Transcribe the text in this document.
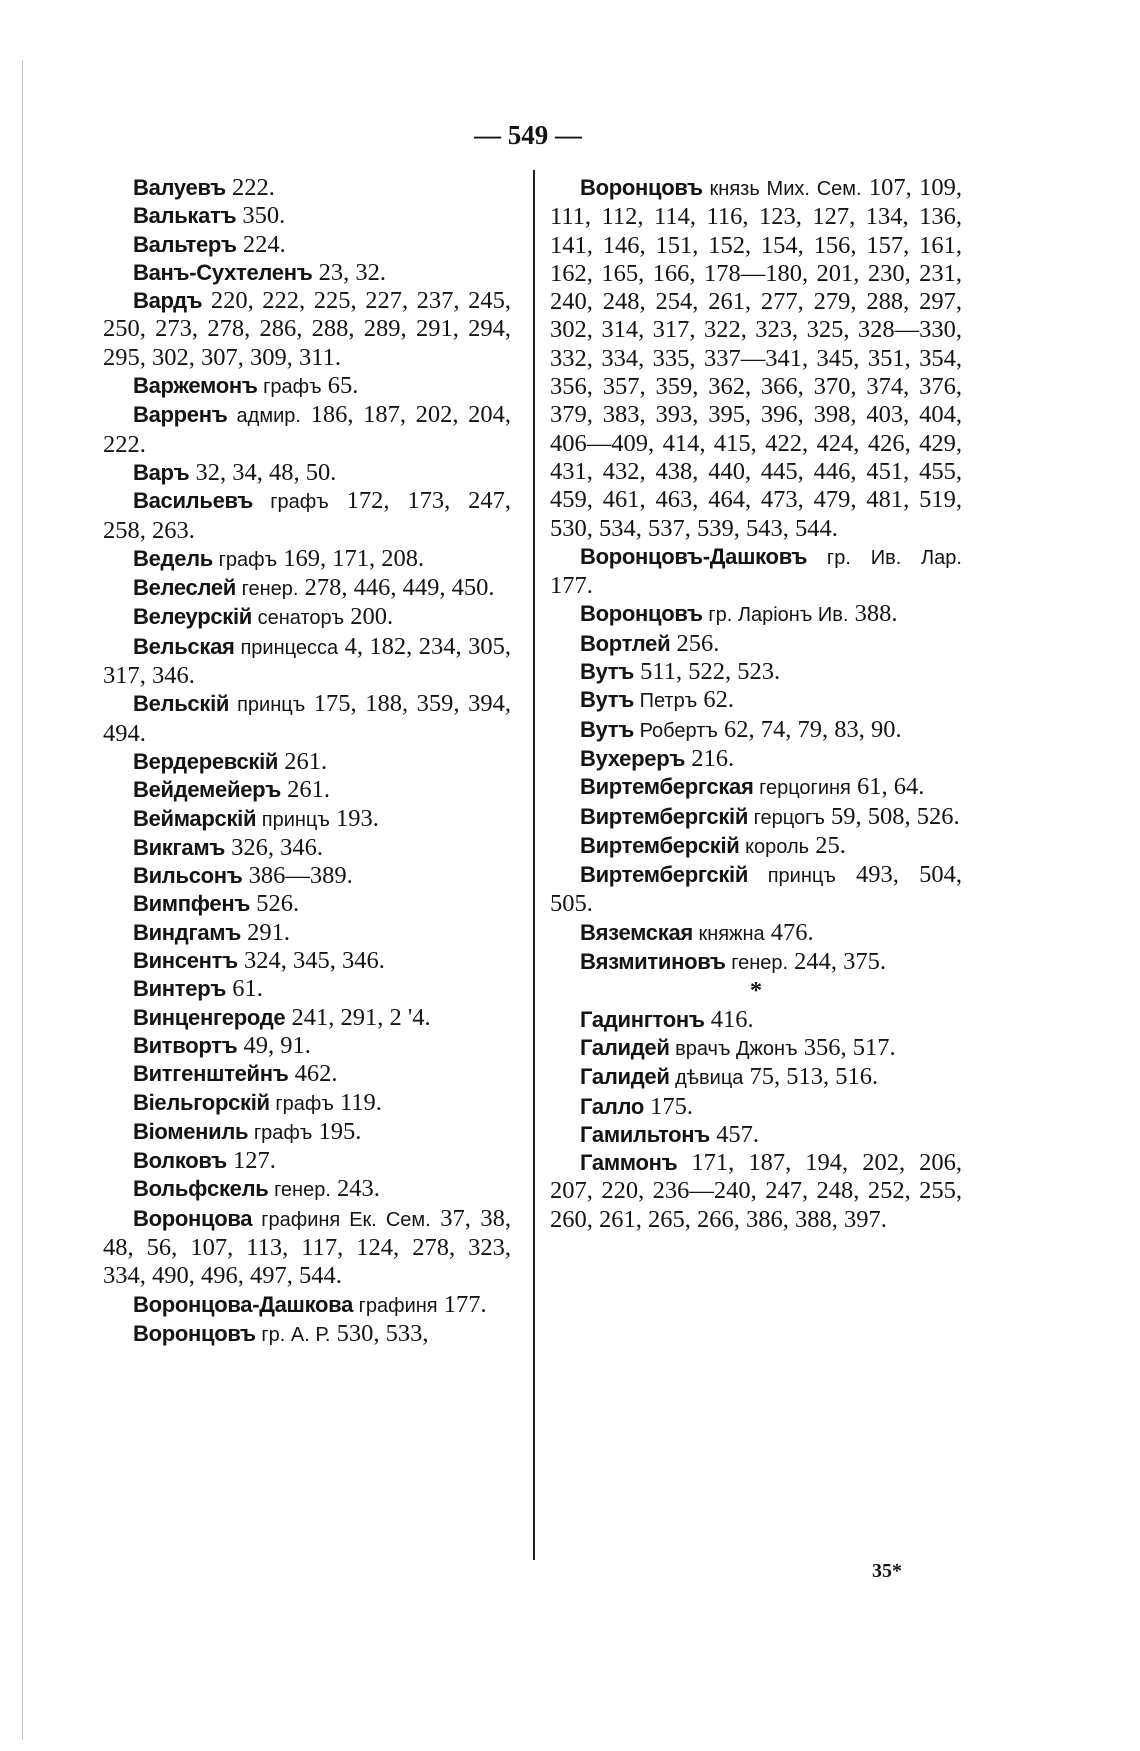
— 549 —
Валуевъ 222.
Валькатъ 350.
Вальтеръ 224.
Ванъ-Сухтеленъ 23, 32.
Вардъ 220, 222, 225, 227, 237, 245, 250, 273, 278, 286, 288, 289, 291, 294, 295, 302, 307, 309, 311.
Варжемонъ графъ 65.
Варренъ адмир. 186, 187, 202, 204, 222.
Варъ 32, 34, 48, 50.
Васильевъ графъ 172, 173, 247, 258, 263.
Ведель графъ 169, 171, 208.
Велеслей генер. 278, 446, 449, 450.
Велеурскій сенаторъ 200.
Вельская принцесса 4, 182, 234, 305, 317, 346.
Вельскій принцъ 175, 188, 359, 394, 494.
Вердеревскій 261.
Вейдемейеръ 261.
Веймарскій принцъ 193.
Викгамъ 326, 346.
Вильсонъ 386—389.
Вимпфенъ 526.
Виндгамъ 291.
Винсентъ 324, 345, 346.
Винтеръ 61.
Винценгероде 241, 291, 2 '4.
Витвортъ 49, 91.
Витгенштейнъ 462.
Віельгорскій графъ 119.
Віомениль графъ 195.
Волковъ 127.
Вольфскель генер. 243.
Воронцова графиня Ек. Сем. 37, 38, 48, 56, 107, 113, 117, 124, 278, 323, 334, 490, 496, 497, 544.
Воронцова-Дашкова графиня 177.
Воронцовъ гр. А. Р. 530, 533,
Воронцовъ князь Мих. Сем. 107, 109, 111, 112, 114, 116, 123, 127, 134, 136, 141, 146, 151, 152, 154, 156, 157, 161, 162, 165, 166, 178—180, 201, 230, 231, 240, 248, 254, 261, 277, 279, 288, 297, 302, 314, 317, 322, 323, 325, 328—330, 332, 334, 335, 337—341, 345, 351, 354, 356, 357, 359, 362, 366, 370, 374, 376, 379, 383, 393, 395, 396, 398, 403, 404, 406—409, 414, 415, 422, 424, 426, 429, 431, 432, 438, 440, 445, 446, 451, 455, 459, 461, 463, 464, 473, 479, 481, 519, 530, 534, 537, 539, 543, 544.
Воронцовъ-Дашковъ гр. Ив. Лар. 177.
Воронцовъ гр. Ларіонъ Ив. 388.
Вортлей 256.
Вутъ 511, 522, 523.
Вутъ Петръ 62.
Вутъ Робертъ 62, 74, 79, 83, 90.
Вухереръ 216.
Виртембергская герцогиня 61, 64.
Виртембергскій герцогъ 59, 508, 526.
Виртемберскій король 25.
Виртембергскій принцъ 493, 504, 505.
Вяземская княжна 476.
Вязмитиновъ генер. 244, 375.
*
Гадингтонъ 416.
Галидей врачъ Джонъ 356, 517.
Галидей дѣвица 75, 513, 516.
Галло 175.
Гамильтонъ 457.
Гаммонъ 171, 187, 194, 202, 206, 207, 220, 236—240, 247, 248, 252, 255, 260, 261, 265, 266, 386, 388, 397.
35*
